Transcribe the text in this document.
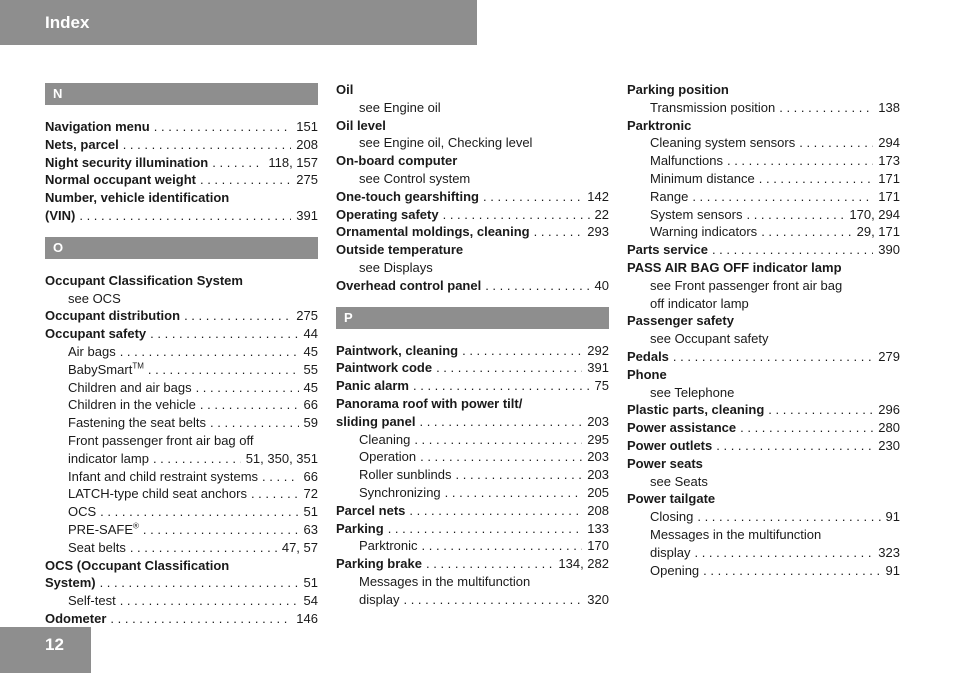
Index
N
Navigation menu . . .	151
Nets, parcel . . .	208
Night security illumination . . .	118, 157
Normal occupant weight . . .	275
Number, vehicle identification
(VIN) . . .	391
O
Occupant Classification System
see OCS
Occupant distribution . . .	275
Occupant safety . . .	44
Air bags . . .	45
BabySmart™ . . .	55
Children and air bags . . .	45
Children in the vehicle . . .	66
Fastening the seat belts . . .	59
Front passenger front air bag off
indicator lamp . . .	51, 350, 351
Infant and child restraint systems . . .	66
LATCH-type child seat anchors . . .	72
OCS . . .	51
PRE-SAFE® . . .	63
Seat belts . . .	47, 57
OCS (Occupant Classification
System) . . .	51
Self-test . . .	54
Odometer . . .	146
Oil
see Engine oil
Oil level
see Engine oil, Checking level
On-board computer
see Control system
One-touch gearshifting . . .	142
Operating safety . . .	22
Ornamental moldings, cleaning . . .	293
Outside temperature
see Displays
Overhead control panel . . .	40
P
Paintwork, cleaning . . .	292
Paintwork code . . .	391
Panic alarm . . .	75
Panorama roof with power tilt/
sliding panel . . .	203
Cleaning . . .	295
Operation . . .	203
Roller sunblinds . . .	203
Synchronizing . . .	205
Parcel nets . . .	208
Parking . . .	133
Parktronic . . .	170
Parking brake . . .	134, 282
Messages in the multifunction
display . . .	320
Parking position
Transmission position . . .	138
Parktronic
Cleaning system sensors . . .	294
Malfunctions . . .	173
Minimum distance . . .	171
Range . . .	171
System sensors . . .	170, 294
Warning indicators . . .	29, 171
Parts service . . .	390
PASS AIR BAG OFF indicator lamp
see Front passenger front air bag
off indicator lamp
Passenger safety
see Occupant safety
Pedals . . .	279
Phone
see Telephone
Plastic parts, cleaning . . .	296
Power assistance . . .	280
Power outlets . . .	230
Power seats
see Seats
Power tailgate
Closing . . .	91
Messages in the multifunction
display . . .	323
Opening . . .	91
12
